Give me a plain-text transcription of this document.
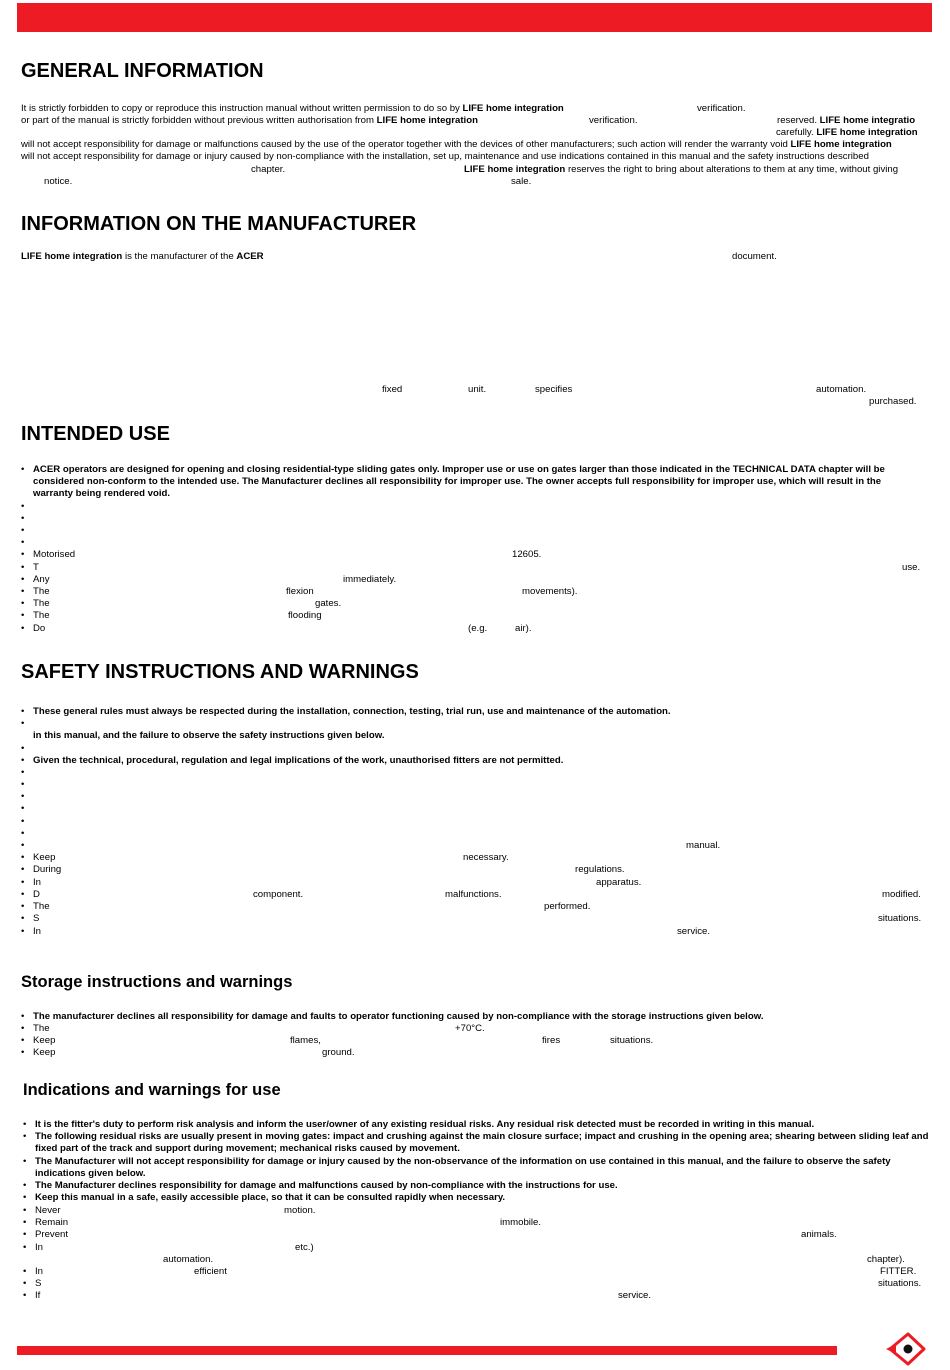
GENERAL INFORMATION
It is strictly forbidden to copy or reproduce this instruction manual without written permission to do so by LIFE home integration	verification.
or part of the manual is strictly forbidden without previous written authorisation from LIFE home integration	verification.	reserved. LIFE home integratio
carefully. LIFE home integration
will not accept responsibility for damage or malfunctions caused by the use of the operator together with the devices of other manufacturers; such action will render the warranty void LIFE home integration
will not accept responsibility for damage or injury caused by non-compliance with the installation, set up, maintenance and use indications contained in this manual and the safety instructions described
chapter.	LIFE home integration reserves the right to bring about alterations to them at any time, without giving
notice.	sale.
INFORMATION ON THE MANUFACTURER
LIFE home integration is the manufacturer of the ACER	document.
fixed	unit.	specifies	automation.
purchased.
INTENDED USE
• ACER operators are designed for opening and closing residential-type sliding gates only. Improper use or use on gates larger than those indicated in the TECHNICAL DATA chapter will be considered non-conform to the intended use. The Manufacturer declines all responsibility for improper use. The owner accepts full responsibility for improper use, which will result in the warranty being rendered void.
•
•
•
•
• Motorised	12605.
• T	use.
• Any	immediately.
• The	flexion	movements).
• The	gates.
• The	flooding
• Do	(e.g.	air).
SAFETY INSTRUCTIONS AND WARNINGS
• These general rules must always be respected during the installation, connection, testing, trial run, use and maintenance of the automation.
•
in this manual, and the failure to observe the safety instructions given below.
•
• Given the technical, procedural, regulation and legal implications of the work, unauthorised fitters are not permitted.
•
•
•
•
•
•
•	manual.
• Keep	necessary.
• During	regulations.
• In	apparatus.
• D	component.	malfunctions.	modified.
• The	performed.
• S	situations.
• In	service.
Storage instructions and warnings
• The manufacturer declines all responsibility for damage and faults to operator functioning caused by non-compliance with the storage instructions given below.
• The	+70°C.
• Keep	flames,	fires	situations.
• Keep	ground.
Indications and warnings for use
• It is the fitter's duty to perform risk analysis and inform the user/owner of any existing residual risks. Any residual risk detected must be recorded in writing in this manual.
• The following residual risks are usually present in moving gates: impact and crushing against the main closure surface; impact and crushing in the opening area; shearing between sliding leaf and fixed part of the track and support during movement; mechanical risks caused by movement.
• The Manufacturer will not accept responsibility for damage or injury caused by the non-observance of the information on use contained in this manual, and the failure to observe the safety indications given below.
• The Manufacturer declines responsibility for damage and malfunctions caused by non-compliance with the instructions for use.
• Keep this manual in a safe, easily accessible place, so that it can be consulted rapidly when necessary.
• Never	motion.
• Remain	immobile.
• Prevent	animals.
• In	etc.)
automation.	chapter).
• In	efficient	FITTER.
• S	situations.
• If	service.
